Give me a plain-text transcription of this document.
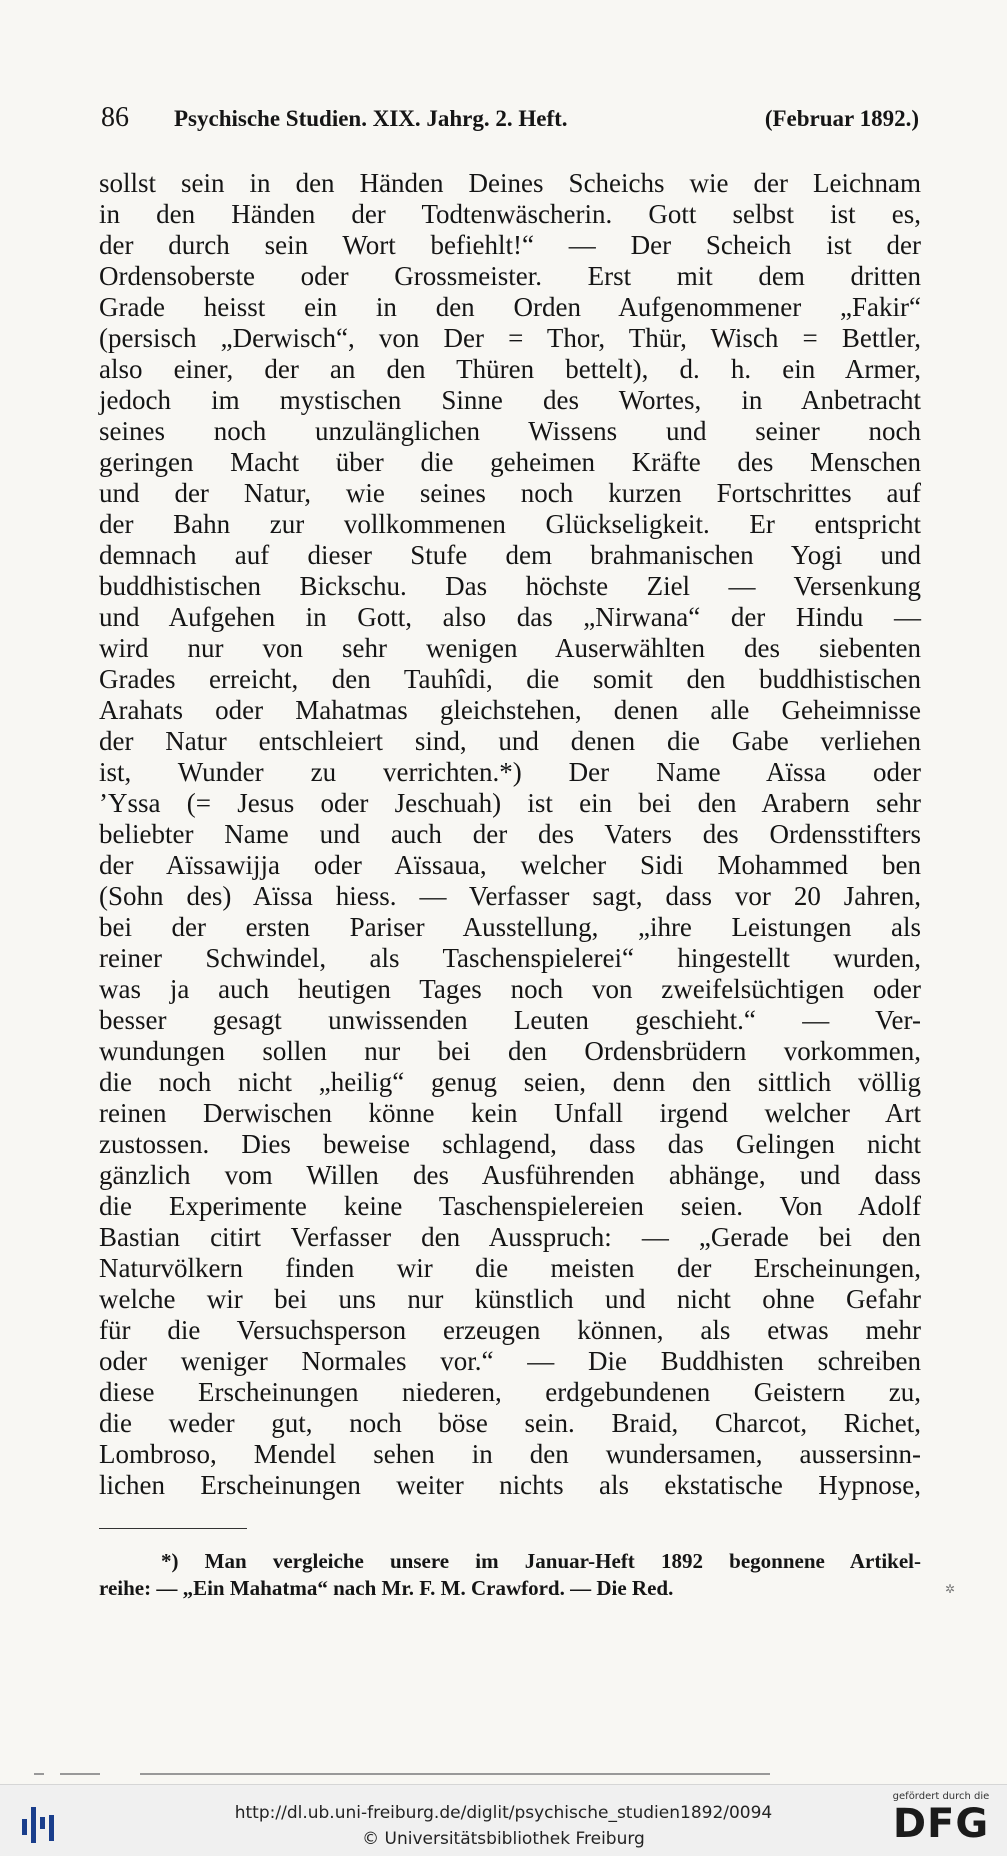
86 Psychische Studien. XIX. Jahrg. 2. Heft.	(Februar 1892.)
sollst sein in den Händen Deines Scheichs wie der Leichnam
in den Händen der Todtenwäscherin. Gott selbst ist es,
der durch sein Wort befiehlt!“ — Der Scheich ist der
Ordensoberste oder Grossmeister. Erst mit dem dritten
Grade heisst ein in den Orden Aufgenommener „Fakir“
(persisch „Derwisch“, von Der = Thor, Thür, Wisch = Bettler,
also einer, der an den Thüren bettelt), d. h. ein Armer,
jedoch im mystischen Sinne des Wortes, in Anbetracht
seines noch unzulänglichen Wissens und seiner noch
geringen Macht über die geheimen Kräfte des Menschen
und der Natur, wie seines noch kurzen Fortschrittes auf
der Bahn zur vollkommenen Glückseligkeit. Er entspricht
demnach auf dieser Stufe dem brahmanischen Yogi und
buddhistischen Bickschu. Das höchste Ziel — Versenkung
und Aufgehen in Gott, also das „Nirwana“ der Hindu —
wird nur von sehr wenigen Auserwählten des siebenten
Grades erreicht, den Tauhîdi, die somit den buddhistischen
Arahats oder Mahatmas gleichstehen, denen alle Geheimnisse
der Natur entschleiert sind, und denen die Gabe verliehen
ist, Wunder zu verrichten.*) Der Name Aïssa oder
’Yssa (= Jesus oder Jeschuah) ist ein bei den Arabern sehr
beliebter Name und auch der des Vaters des Ordensstifters
der Aïssawijja oder Aïssaua, welcher Sidi Mohammed ben
(Sohn des) Aïssa hiess. — Verfasser sagt, dass vor 20 Jahren,
bei der ersten Pariser Ausstellung, „ihre Leistungen als
reiner Schwindel, als Taschenspielerei“ hingestellt wurden,
was ja auch heutigen Tages noch von zweifelsüchtigen oder
besser gesagt unwissenden Leuten geschieht.“ — Ver-
wundungen sollen nur bei den Ordensbrüdern vorkommen,
die noch nicht „heilig“ genug seien, denn den sittlich völlig
reinen Derwischen könne kein Unfall irgend welcher Art
zustossen. Dies beweise schlagend, dass das Gelingen nicht
gänzlich vom Willen des Ausführenden abhänge, und dass
die Experimente keine Taschenspielereien seien. Von Adolf
Bastian citirt Verfasser den Ausspruch: — „Gerade bei den
Naturvölkern finden wir die meisten der Erscheinungen,
welche wir bei uns nur künstlich und nicht ohne Gefahr
für die Versuchsperson erzeugen können, als etwas mehr
oder weniger Normales vor.“ — Die Buddhisten schreiben
diese Erscheinungen niederen, erdgebundenen Geistern zu,
die weder gut, noch böse sein. Braid, Charcot, Richet,
Lombroso, Mendel sehen in den wundersamen, aussersinn-
lichen Erscheinungen weiter nichts als ekstatische Hypnose,
*) Man vergleiche unsere im Januar-Heft 1892 begonnene Artikel-
reihe: — „Ein Mahatma“ nach Mr. F. M. Crawford. — Die Red.	✲
http://dl.ub.uni-freiburg.de/diglit/psychische_studien1892/0094
© Universitätsbibliothek Freiburg
gefördert durch die
DFG
